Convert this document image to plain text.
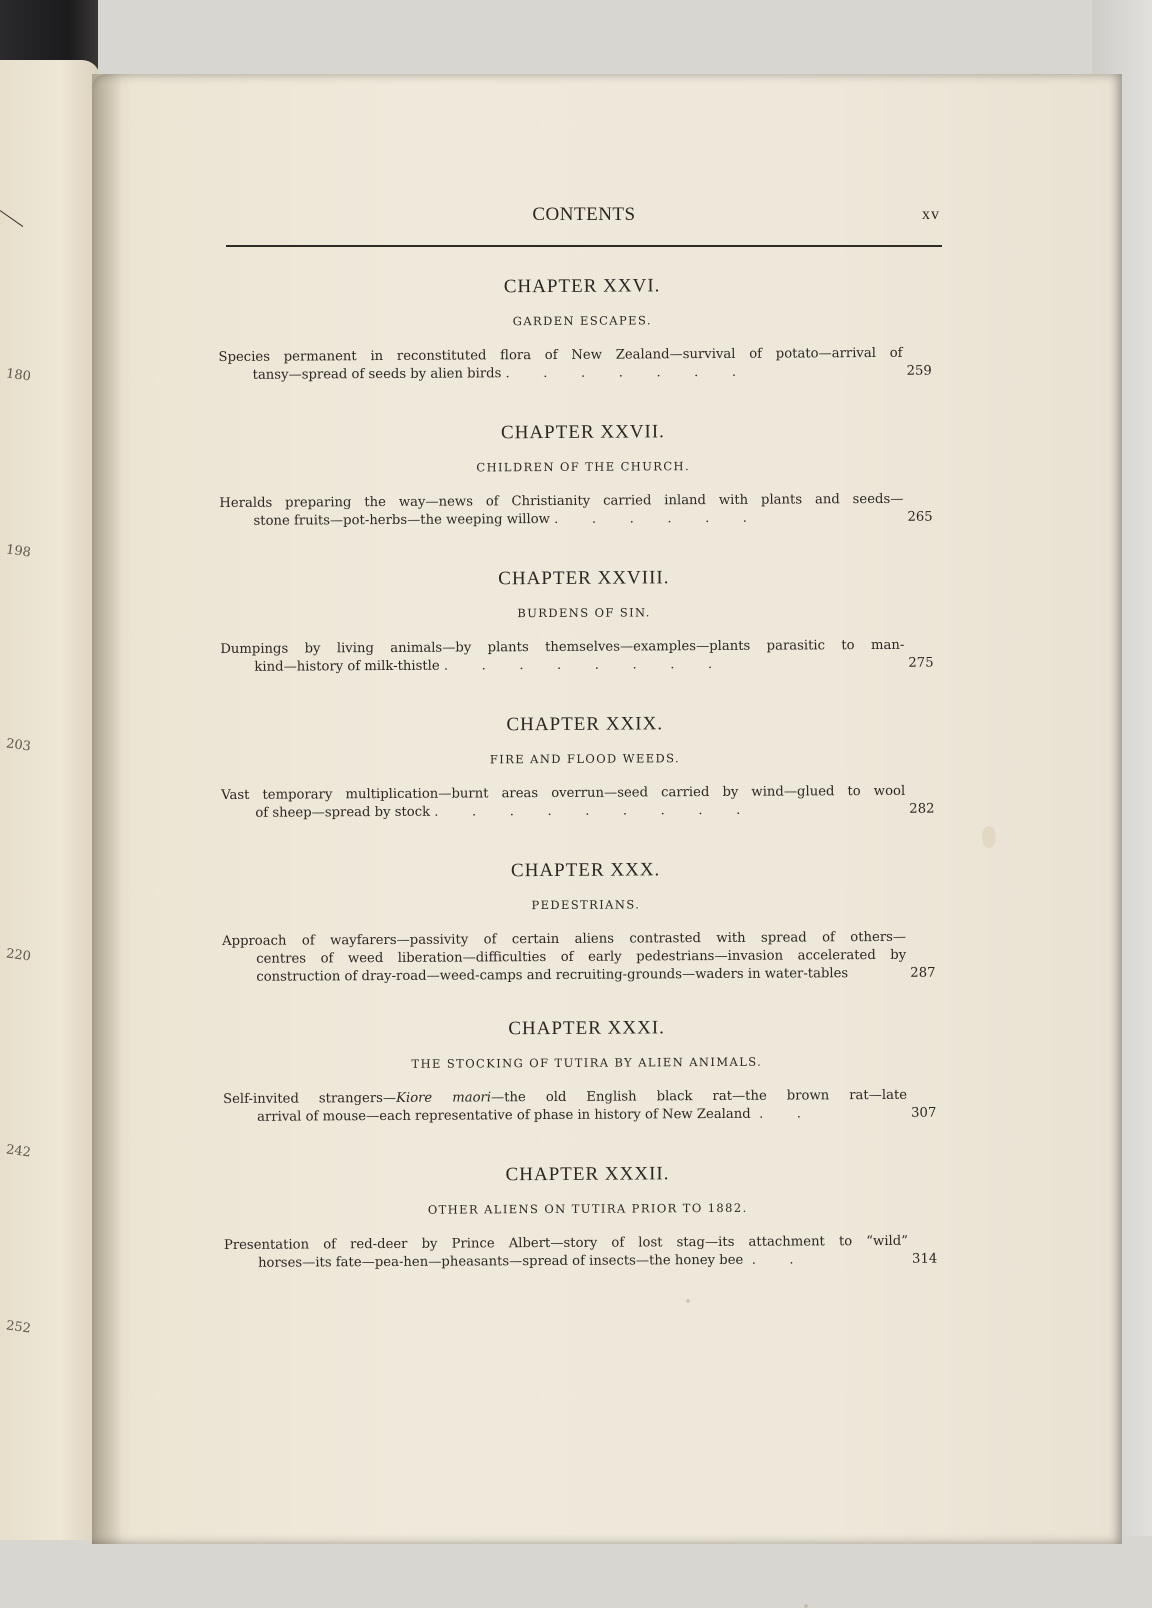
180
198
203
220
242
252
CONTENTS	xv
CHAPTER XXVI.
GARDEN ESCAPES.
Species permanent in reconstituted flora of New Zealand—survival of potato—arrival of
tansy—spread of seeds by alien birds .        .        .        .        .        .        .	259
CHAPTER XXVII.
CHILDREN OF THE CHURCH.
Heralds preparing the way—news of Christianity carried inland with plants and seeds—
stone fruits—pot-herbs—the weeping willow .        .        .        .        .        .	265
CHAPTER XXVIII.
BURDENS OF SIN.
Dumpings by living animals—by plants themselves—examples—plants parasitic to man-
kind—history of milk-thistle .        .        .        .        .        .        .        .	275
CHAPTER XXIX.
FIRE AND FLOOD WEEDS.
Vast temporary multiplication—burnt areas overrun—seed carried by wind—glued to wool
of sheep—spread by stock .        .        .        .        .        .        .        .        .	282
CHAPTER XXX.
PEDESTRIANS.
Approach of wayfarers—passivity of certain aliens contrasted with spread of others—
centres of weed liberation—difficulties of early pedestrians—invasion accelerated by
construction of dray-road—weed-camps and recruiting-grounds—waders in water-tables	287
CHAPTER XXXI.
THE STOCKING OF TUTIRA BY ALIEN ANIMALS.
Self-invited strangers—Kiore maori—the old English black rat—the brown rat—late
arrival of mouse—each representative of phase in history of New Zealand  .        .	307
CHAPTER XXXII.
OTHER ALIENS ON TUTIRA PRIOR TO 1882.
Presentation of red-deer by Prince Albert—story of lost stag—its attachment to “wild”
horses—its fate—pea-hen—pheasants—spread of insects—the honey bee  .        .	314
